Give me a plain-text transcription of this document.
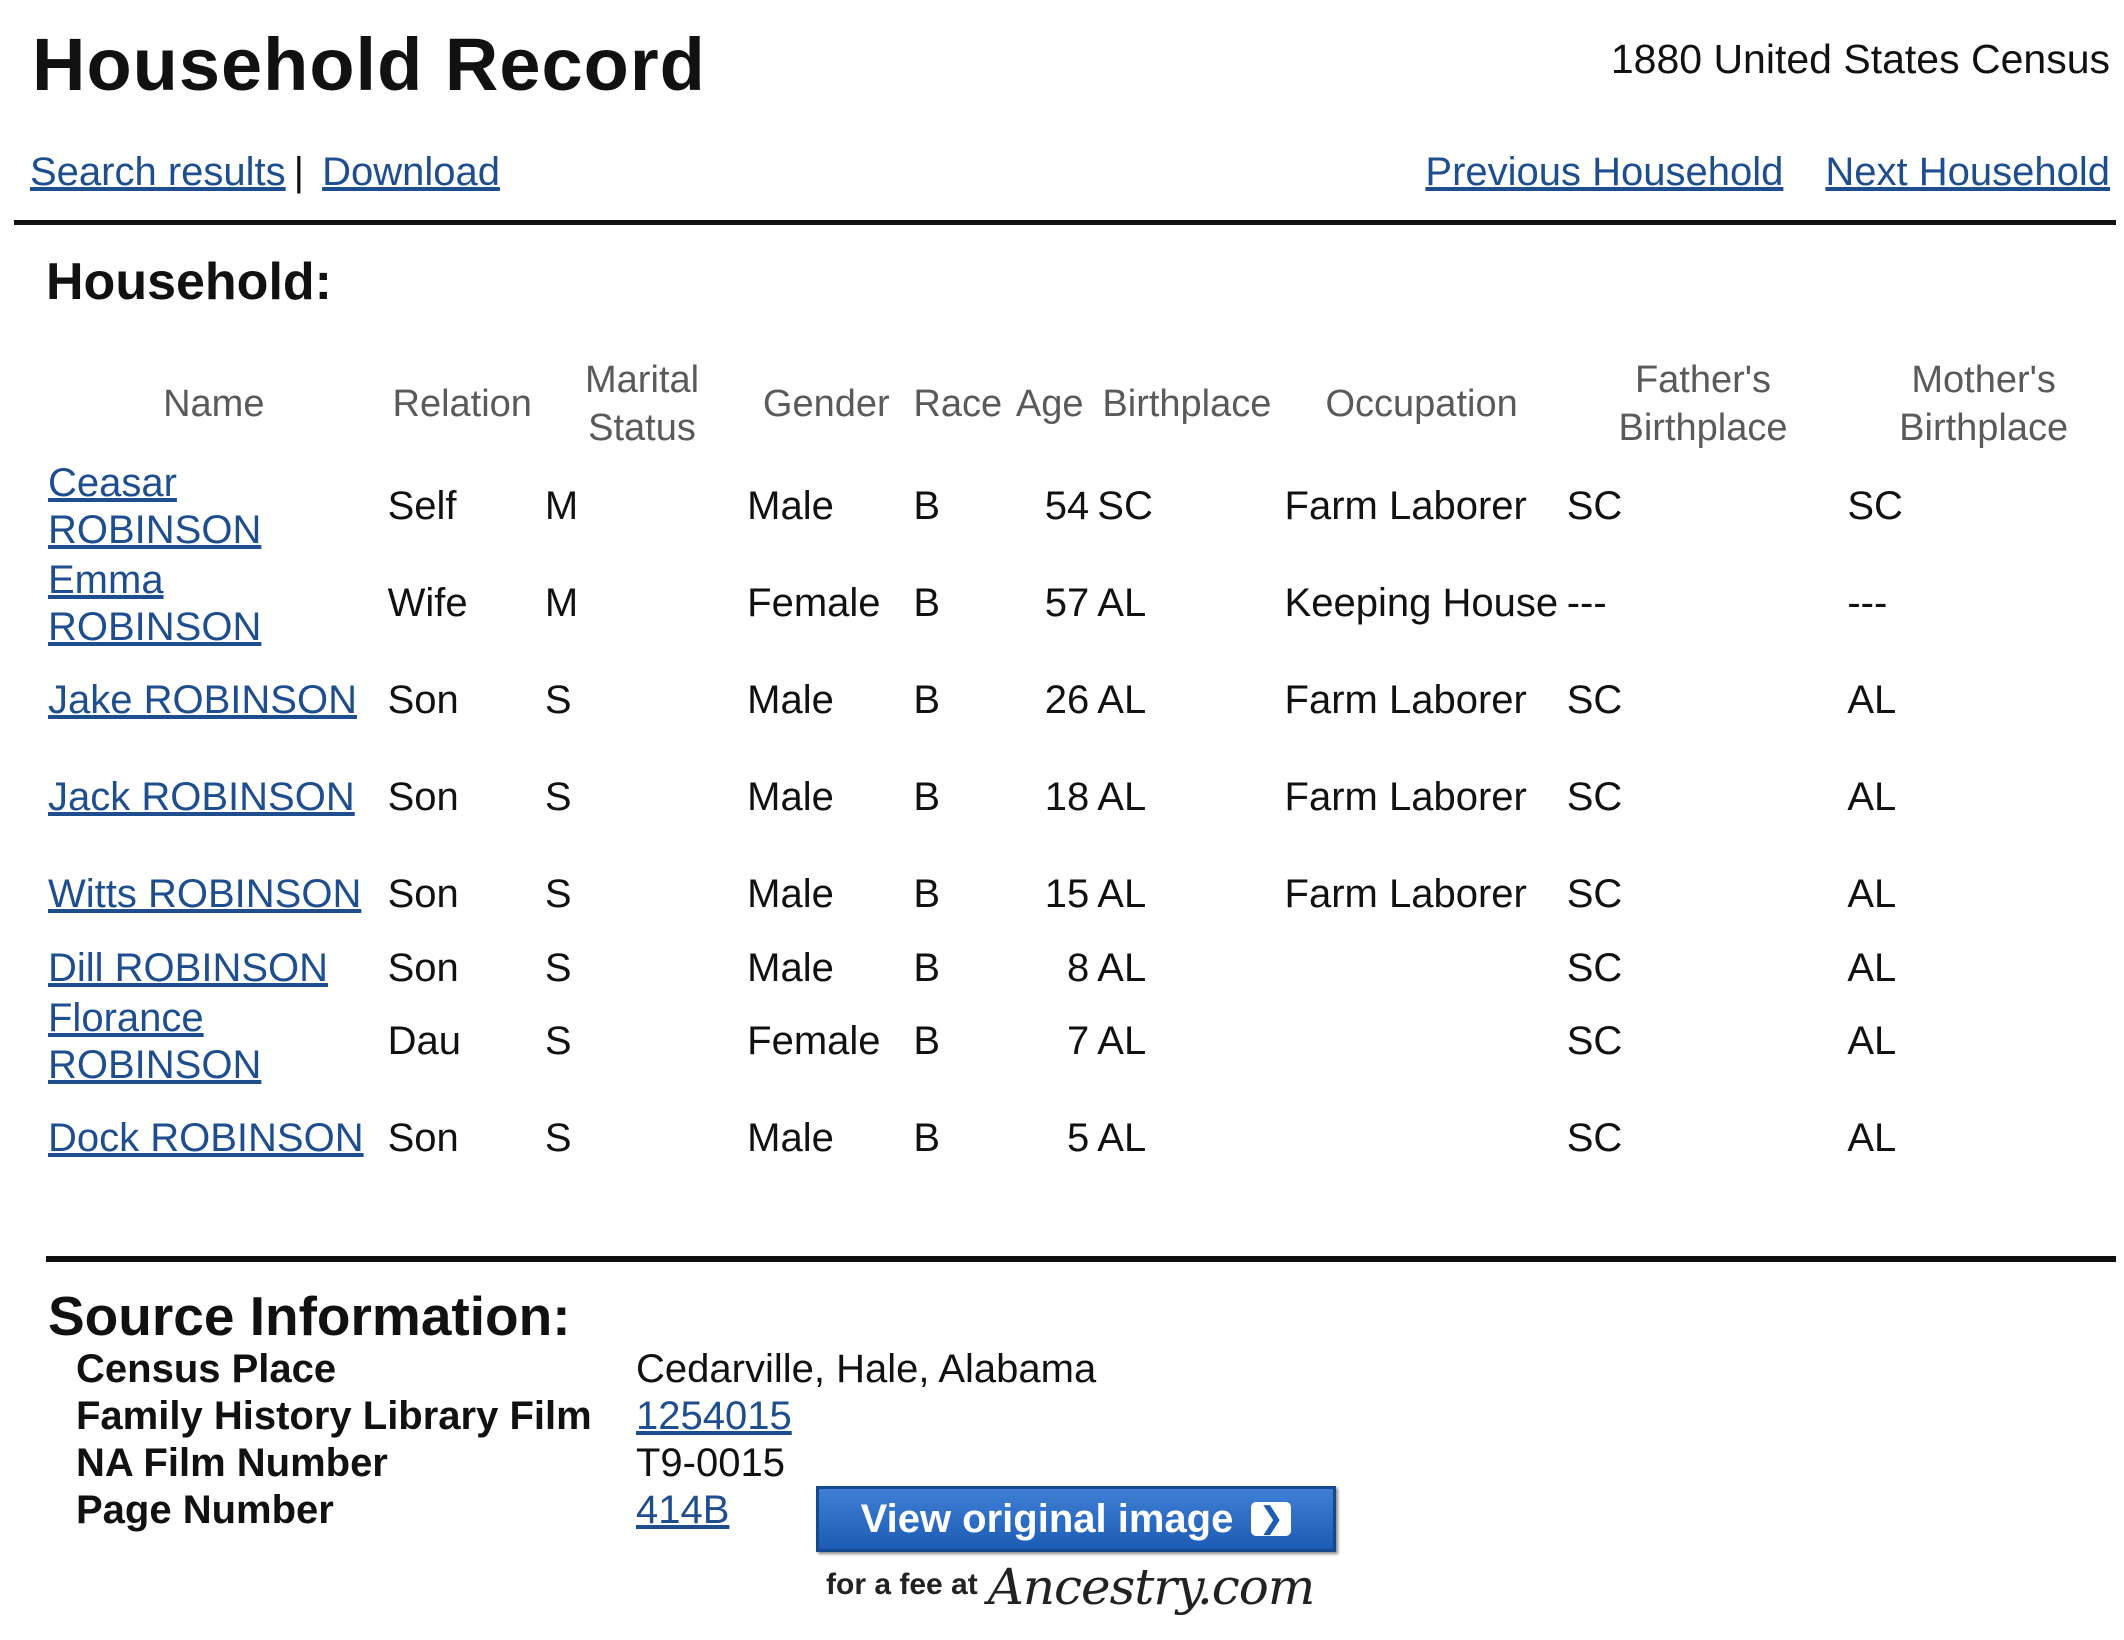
Household Record	1880 United States Census
Search results | Download	Previous Household Next Household
Household:
Name	Relation	Marital Status	Gender	Race	Age	Birthplace	Occupation	Father's Birthplace	Mother's Birthplace
Ceasar ROBINSON	Self	M	Male	B	54	SC	Farm Laborer	SC	SC
Emma ROBINSON	Wife	M	Female	B	57	AL	Keeping House	---	---
Jake ROBINSON	Son	S	Male	B	26	AL	Farm Laborer	SC	AL
Jack ROBINSON	Son	S	Male	B	18	AL	Farm Laborer	SC	AL
Witts ROBINSON	Son	S	Male	B	15	AL	Farm Laborer	SC	AL
Dill ROBINSON	Son	S	Male	B	8	AL		SC	AL
Florance ROBINSON	Dau	S	Female	B	7	AL		SC	AL
Dock ROBINSON	Son	S	Male	B	5	AL		SC	AL
Source Information:
Census Place	Cedarville, Hale, Alabama
Family History Library Film	1254015
NA Film Number	T9-0015
Page Number	414B	View original image ❯
for a fee at Ancestry.com
